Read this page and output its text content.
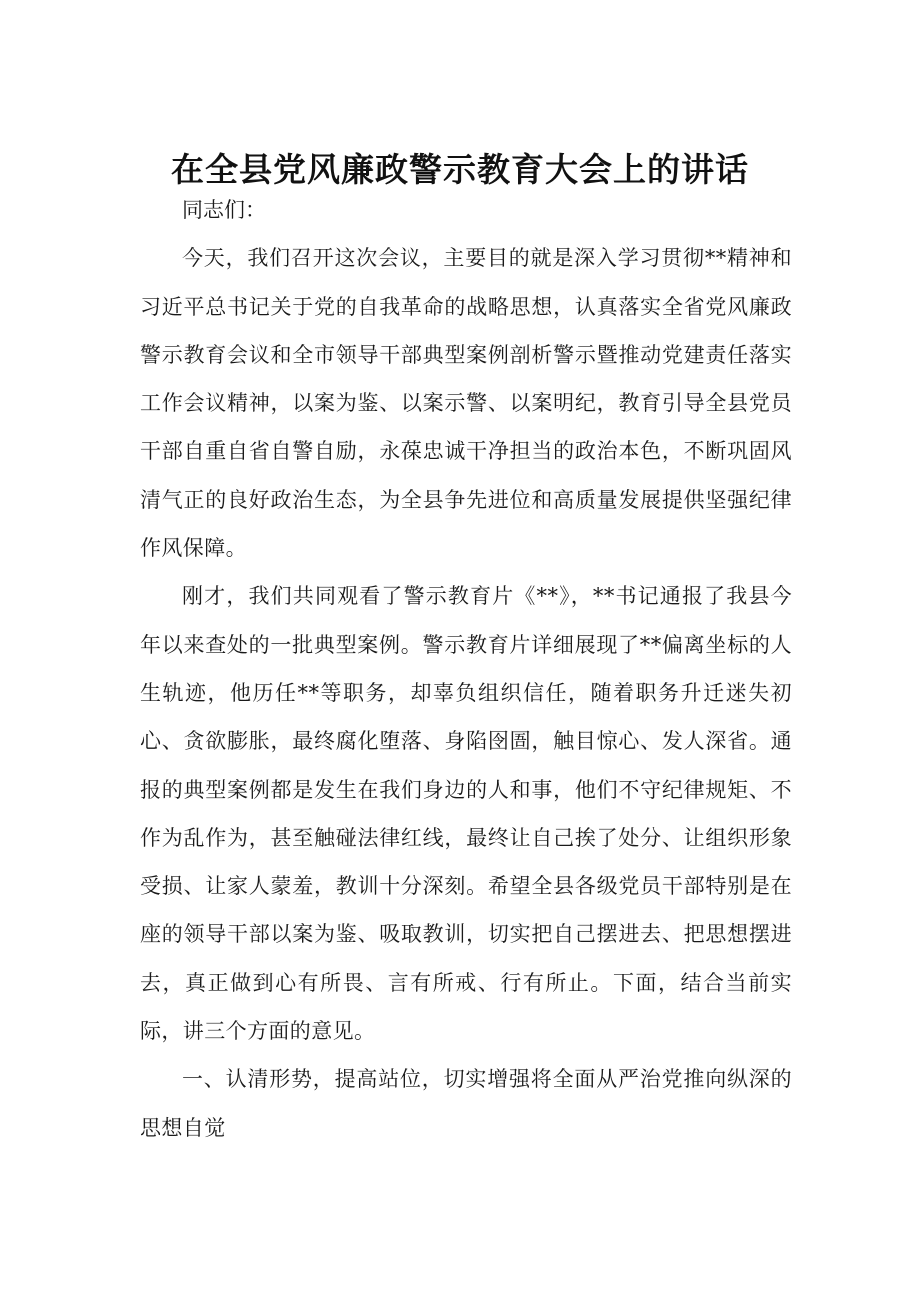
在全县党风廉政警示教育大会上的讲话

同志们：

今天，我们召开这次会议，主要目的就是深入学习贯彻**精神和习近平总书记关于党的自我革命的战略思想，认真落实全省党风廉政警示教育会议和全市领导干部典型案例剖析警示暨推动党建责任落实工作会议精神，以案为鉴、以案示警、以案明纪，教育引导全县党员干部自重自省自警自励，永葆忠诚干净担当的政治本色，不断巩固风清气正的良好政治生态，为全县争先进位和高质量发展提供坚强纪律作风保障。

刚才，我们共同观看了警示教育片《**》，**书记通报了我县今年以来查处的一批典型案例。警示教育片详细展现了**偏离坐标的人生轨迹，他历任**等职务，却辜负组织信任，随着职务升迁迷失初心、贪欲膨胀，最终腐化堕落、身陷囹圄，触目惊心、发人深省。通报的典型案例都是发生在我们身边的人和事，他们不守纪律规矩、不作为乱作为，甚至触碰法律红线，最终让自己挨了处分、让组织形象受损、让家人蒙羞，教训十分深刻。希望全县各级党员干部特别是在座的领导干部以案为鉴、吸取教训，切实把自己摆进去、把思想摆进去，真正做到心有所畏、言有所戒、行有所止。下面，结合当前实际，讲三个方面的意见。

一、认清形势，提高站位，切实增强将全面从严治党推向纵深的思想自觉
